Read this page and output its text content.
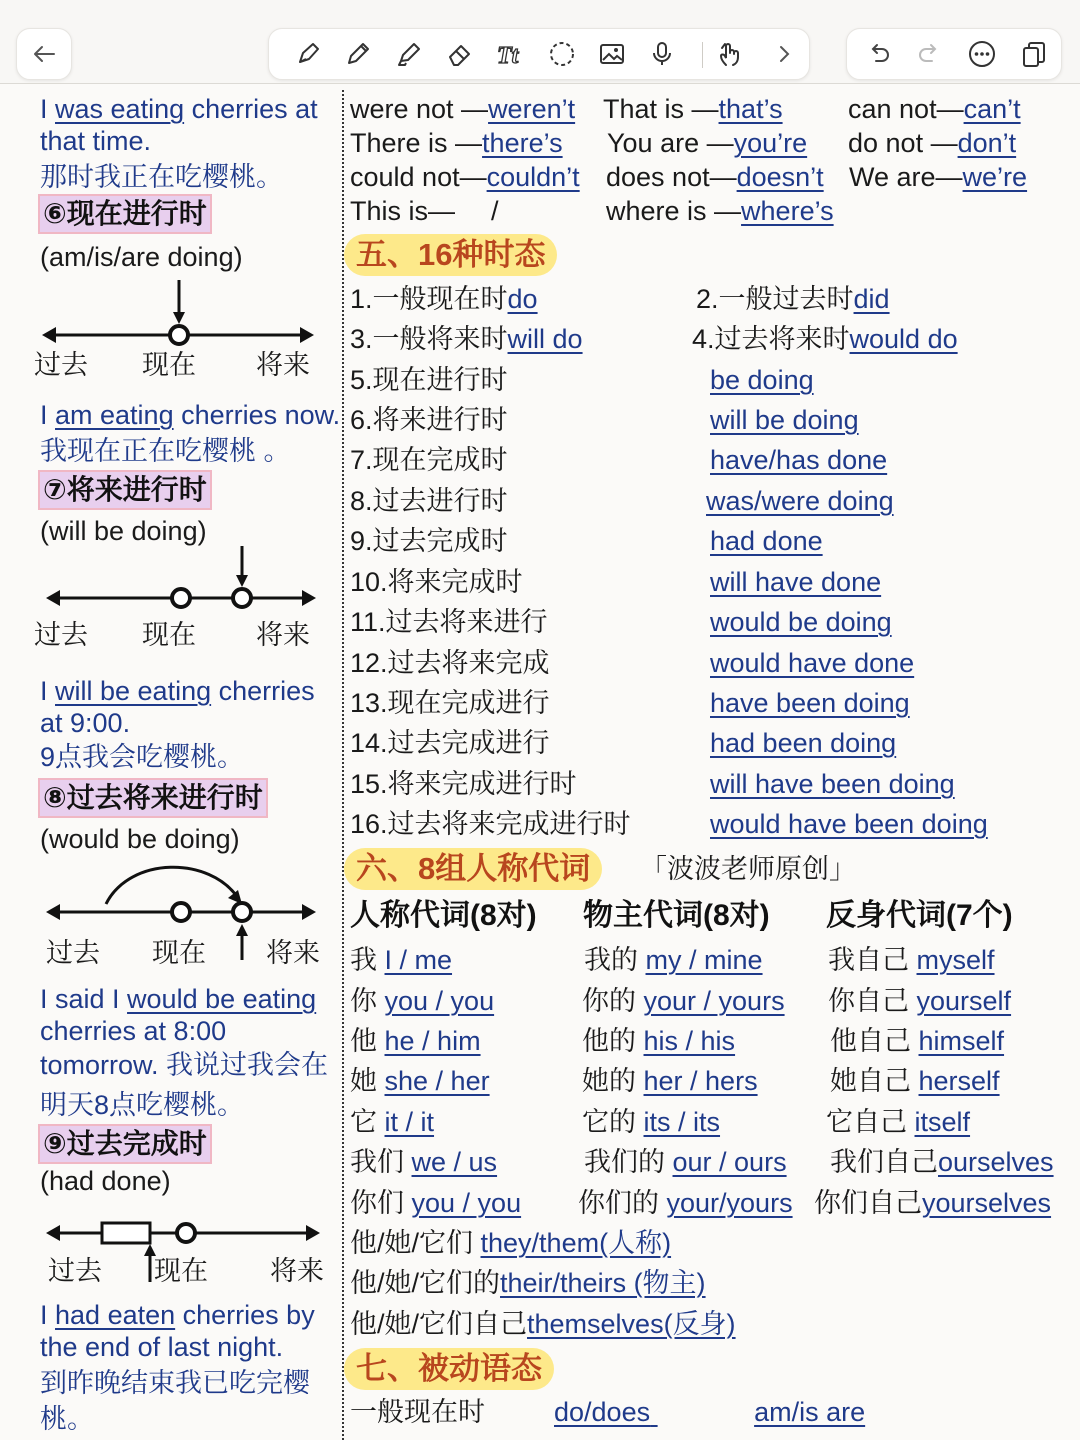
Tt
I was eating cherries at
that time.
那时我正在吃樱桃。
⑥现在进行时
(am/is/are doing)
过去 现在 将来
I am eating cherries now.
我现在正在吃樱桃 。
⑦将来进行时
(will be doing)
过去 现在 将来
I will be eating cherries
at 9:00.
9点我会吃樱桃。
⑧过去将来进行时
(would be doing)
过去 现在 将来
I said I would be eating
cherries at 8:00
tomorrow. 我说过我会在
明天8点吃樱桃。
⑨过去完成时
(had done)
过去 现在 将来
I had eaten cherries by
the end of last night.
到昨晚结束我已吃完樱
桃。
were not —weren’t That is —that’s can not—can’t
There is —there’s You are —you’re do not —don’t
could not—couldn’t does not—doesn’t We are—we’re
This is— /	where is —where’s
五、16种时态
1.一般现在时do	2.一般过去时did
3.一般将来时will do	4.过去将来时would do
5.现在进行时	be doing
6.将来进行时	will be doing
7.现在完成时	have/has done
8.过去进行时	was/were doing
9.过去完成时	had done
10.将来完成时	will have done
11.过去将来进行	would be doing
12.过去将来完成	would have done
13.现在完成进行	have been doing
14.过去完成进行	had been doing
15.将来完成进行时	will have been doing
16.过去将来完成进行时	would have been doing
六、8组人称代词	「波波老师原创」
人称代词(8对) 物主代词(8对) 反身代词(7个)
我 I / me	我的 my / mine 我自己 myself
你 you / you	你的 your / yours 你自己 yourself
他 he / him	他的 his / his	他自己 himself
她 she / her	她的 her / hers	她自己 herself
它 it / it	它的 its / its	它自己 itself
我们 we / us	我们的 our / ours 我们自己ourselves
你们 you / you 你们的 your/yours 你们自己yourselves
他/她/它们 they/them(人称)
他/她/它们的their/theirs (物主)
他/她/它们自己themselves(反身)
七、被动语态
一般现在时	do/does	am/is are
